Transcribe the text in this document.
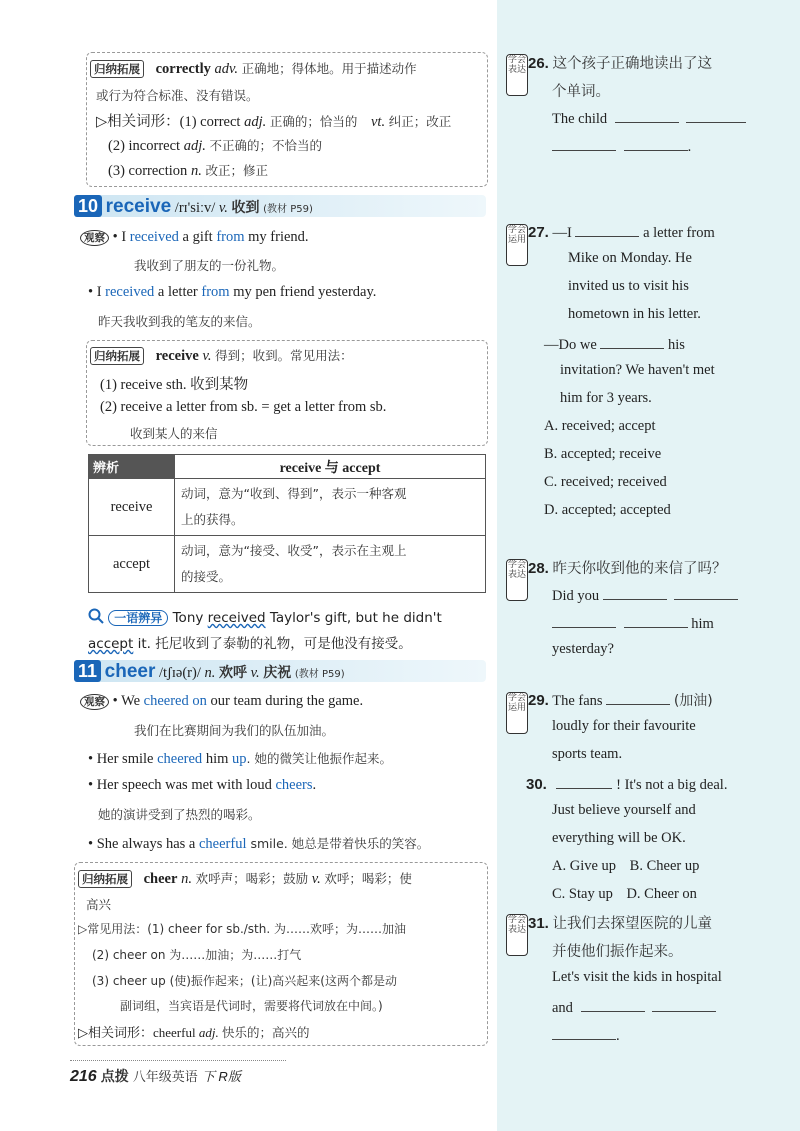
归纳拓展 correctly adv. 正确地；得体地。用于描述动作
或行为符合标准、没有错误。
▷相关词形：(1) correct adj. 正确的；恰当的 vt. 纠正；改正
(2) incorrect adj. 不正确的；不恰当的
(3) correction n. 改正；修正
10 receive /rɪ'siːv/ v. 收到 (教材 P59)
观察 • I received a gift from my friend.
我收到了朋友的一份礼物。
• I received a letter from my pen friend yesterday.
昨天我收到我的笔友的来信。
归纳拓展 receive v. 得到；收到。常见用法：
(1) receive sth. 收到某物
(2) receive a letter from sb. = get a letter from sb.
收到某人的来信
辨析	receive 与 accept
receive	动词，意为“收到、得到”，表示一种客观
上的获得。

accept	动词，意为“接受、收受”，表示在主观上
的接受。
一语辨异 Tony received Taylor's gift, but he didn't
accept it. 托尼收到了泰勒的礼物，可是他没有接受。
11 cheer /tʃɪə(r)/ n. 欢呼 v. 庆祝 (教材 P59)
观察 • We cheered on our team during the game.
我们在比赛期间为我们的队伍加油。
• Her smile cheered him up. 她的微笑让他振作起来。
• Her speech was met with loud cheers.
她的演讲受到了热烈的喝彩。
• She always has a cheerful smile. 她总是带着快乐的笑容。
归纳拓展 cheer n. 欢呼声；喝彩；鼓励 v. 欢呼；喝彩；使
高兴
▷常见用法：(1) cheer for sb./sth. 为……欢呼；为……加油
(2) cheer on 为……加油；为……打气
(3) cheer up (使)振作起来；(让)高兴起来(这两个都是动
副词组，当宾语是代词时，需要将代词放在中间。)
▷相关词形：cheerful adj. 快乐的；高兴的
216 点拨 八年级英语 下 R版
学会表达 26. 这个孩子正确地读出了这
个单词。
The child
.
学会运用 27. —I	a letter from
Mike on Monday. He
invited us to visit his
hometown in his letter.
—Do we	his
invitation? We haven't met
him for 3 years.
A. received; accept
B. accepted; receive
C. received; received
D. accepted; accepted
学会表达 28. 昨天你收到他的来信了吗？
Did you
him
yesterday?
学会运用 29. The fans	(加油)
loudly for their favourite
sports team.
30.	! It's not a big deal.
Just believe yourself and
everything will be OK.
A. Give up B. Cheer up
C. Stay up D. Cheer on
学会表达 31. 让我们去探望医院的儿童
并使他们振作起来。
Let's visit the kids in hospital
and
.
